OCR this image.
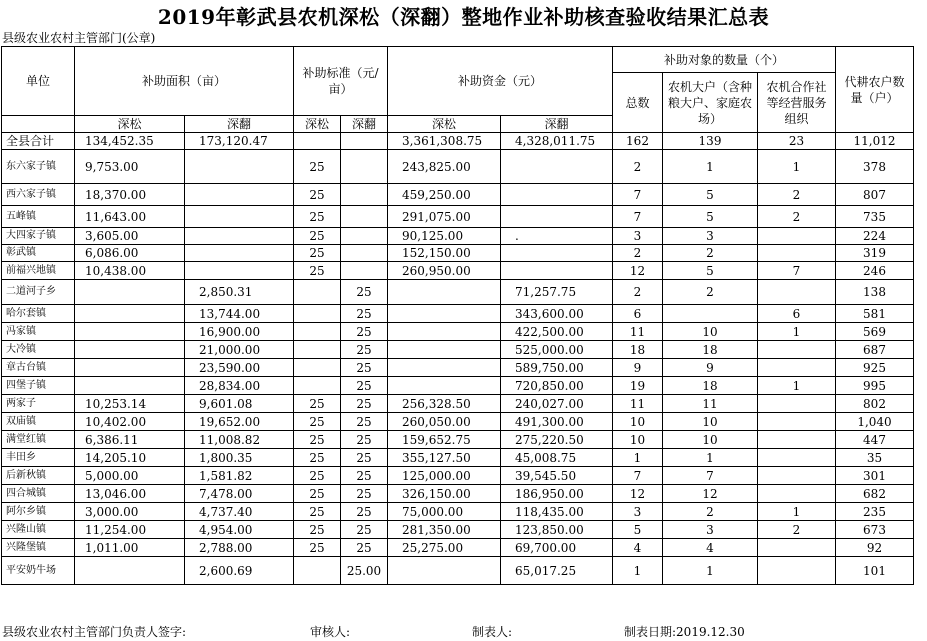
2019年彰武县农机深松（深翻）整地作业补助核查验收结果汇总表
县级农业农村主管部门(公章)
单位	补助面积（亩）		补助标准（元/亩）		补助资金（元）		补助对象的数量（个）			代耕农户数量（户）
							总数	农机大户（含种粮大户、家庭农场）	农机合作社等经营服务组织	
	深松	深翻	深松	深翻	深松	深翻				
全县合计	134,452.35	173,120.47			3,361,308.75	4,328,011.75	162	139	23	11,012
东六家子镇	9,753.00		25		243,825.00		2	1	1	378
西六家子镇	18,370.00		25		459,250.00		7	5	2	807
五峰镇	11,643.00		25		291,075.00		7	5	2	735
大四家子镇	3,605.00		25		90,125.00	.	3	3		224
彰武镇	6,086.00		25		152,150.00		2	2		319
前福兴地镇	10,438.00		25		260,950.00		12	5	7	246
二道河子乡		2,850.31		25		71,257.75	2	2		138
哈尔套镇		13,744.00		25		343,600.00	6		6	581
冯家镇		16,900.00		25		422,500.00	11	10	1	569
大冷镇		21,000.00		25		525,000.00	18	18		687
章古台镇		23,590.00		25		589,750.00	9	9		925
四堡子镇		28,834.00		25		720,850.00	19	18	1	995
两家子	10,253.14	9,601.08	25	25	256,328.50	240,027.00	11	11		802
双庙镇	10,402.00	19,652.00	25	25	260,050.00	491,300.00	10	10		1,040
满堂红镇	6,386.11	11,008.82	25	25	159,652.75	275,220.50	10	10		447
丰田乡	14,205.10	1,800.35	25	25	355,127.50	45,008.75	1	1		35
后新秋镇	5,000.00	1,581.82	25	25	125,000.00	39,545.50	7	7		301
四合城镇	13,046.00	7,478.00	25	25	326,150.00	186,950.00	12	12		682
阿尔乡镇	3,000.00	4,737.40	25	25	75,000.00	118,435.00	3	2	1	235
兴隆山镇	11,254.00	4,954.00	25	25	281,350.00	123,850.00	5	3	2	673
兴隆堡镇	1,011.00	2,788.00	25	25	25,275.00	69,700.00	4	4		92
平安奶牛场		2,600.69		25.00		65,017.25	1	1		101
县级农业农村主管部门负责人签字:	审核人:	制表人:	制表日期:2019.12.30
